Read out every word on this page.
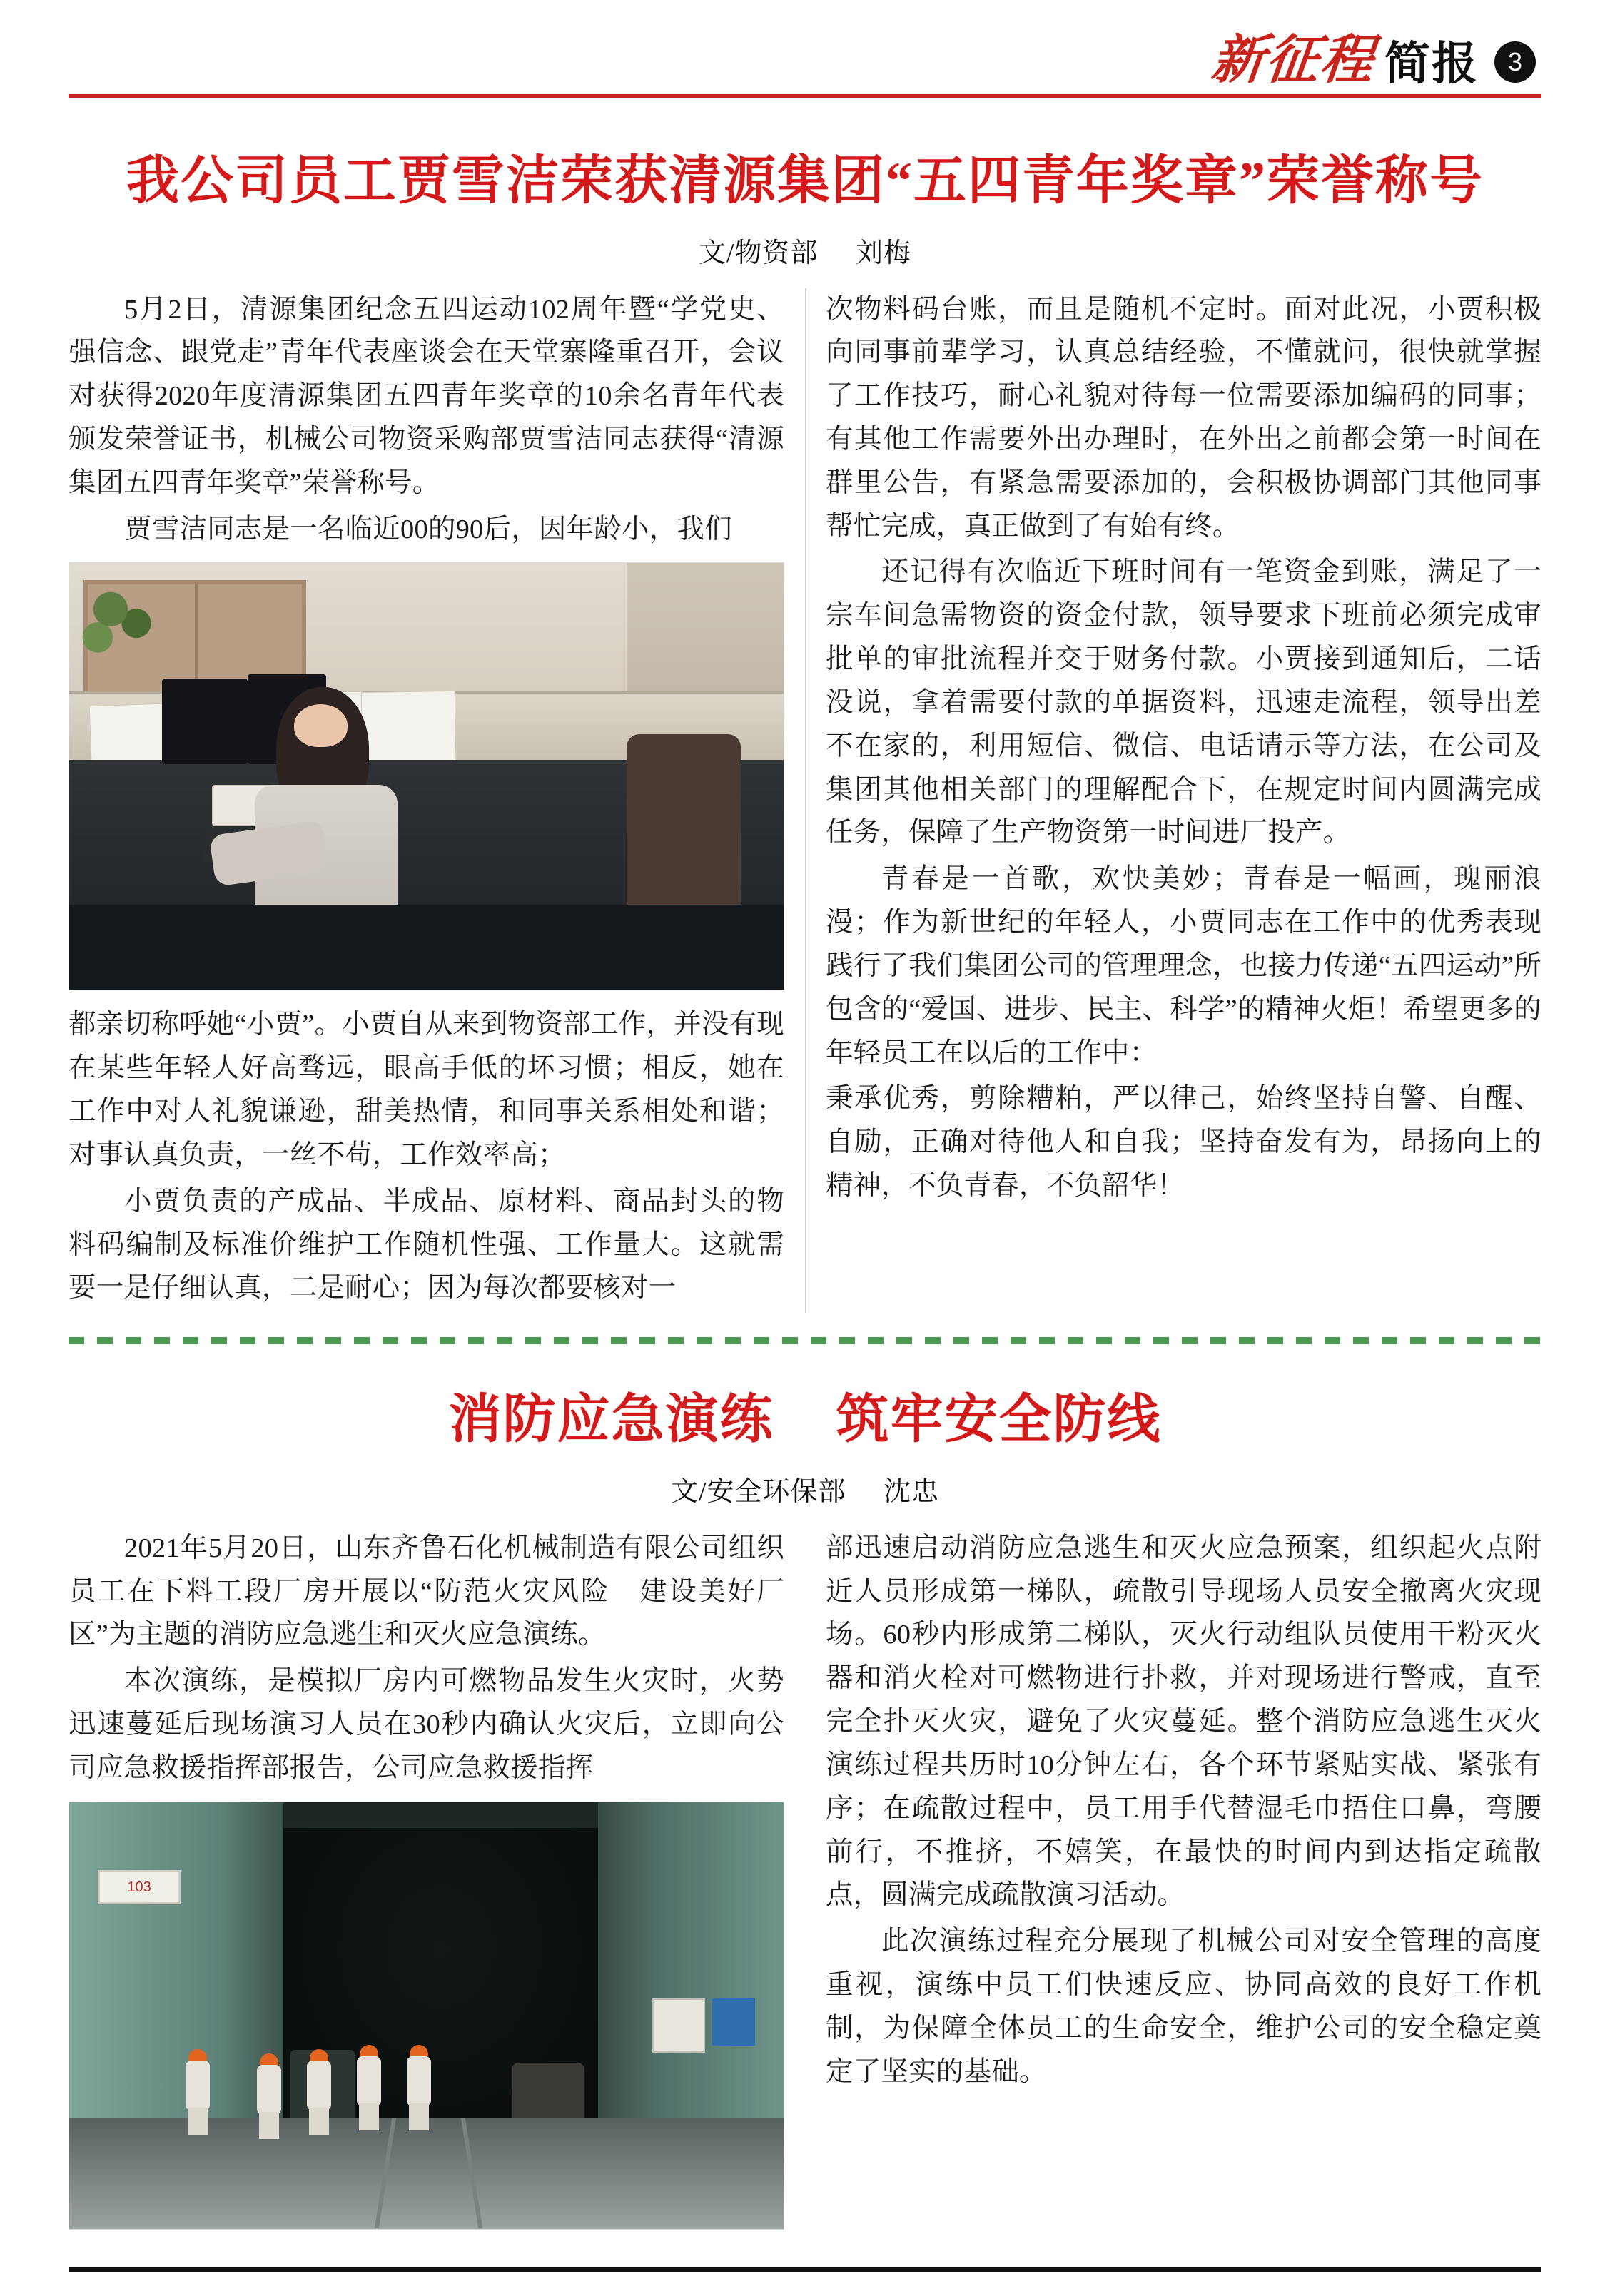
新征程 简报	3
我公司员工贾雪洁荣获清源集团“五四青年奖章”荣誉称号
文/物资部 刘梅

5月2日，清源集团纪念五四运动102周年暨“学党史、强信念、跟党走”青年代表座谈会在天堂寨隆重召开，会议对获得2020年度清源集团五四青年奖章的10余名青年代表颁发荣誉证书，机械公司物资采购部贾雪洁同志获得“清源集团五四青年奖章”荣誉称号。

贾雪洁同志是一名临近00的90后，因年龄小，我们

都亲切称呼她“小贾”。小贾自从来到物资部工作，并没有现在某些年轻人好高骛远，眼高手低的坏习惯；相反，她在工作中对人礼貌谦逊，甜美热情，和同事关系相处和谐；对事认真负责，一丝不苟，工作效率高；

小贾负责的产成品、半成品、原材料、商品封头的物料码编制及标准价维护工作随机性强、工作量大。这就需要一是仔细认真，二是耐心；因为每次都要核对一

次物料码台账，而且是随机不定时。面对此况，小贾积极向同事前辈学习，认真总结经验，不懂就问，很快就掌握了工作技巧，耐心礼貌对待每一位需要添加编码的同事；有其他工作需要外出办理时，在外出之前都会第一时间在群里公告，有紧急需要添加的，会积极协调部门其他同事帮忙完成，真正做到了有始有终。

还记得有次临近下班时间有一笔资金到账，满足了一宗车间急需物资的资金付款，领导要求下班前必须完成审批单的审批流程并交于财务付款。小贾接到通知后，二话没说，拿着需要付款的单据资料，迅速走流程，领导出差不在家的，利用短信、微信、电话请示等方法，在公司及集团其他相关部门的理解配合下，在规定时间内圆满完成任务，保障了生产物资第一时间进厂投产。

青春是一首歌，欢快美妙；青春是一幅画，瑰丽浪漫；作为新世纪的年轻人，小贾同志在工作中的优秀表现践行了我们集团公司的管理理念，也接力传递“五四运动”所包含的“爱国、进步、民主、科学”的精神火炬！希望更多的年轻员工在以后的工作中：

秉承优秀，剪除糟粕，严以律己，始终坚持自警、自醒、自励，正确对待他人和自我；坚持奋发有为，昂扬向上的精神，不负青春，不负韶华！

消防应急演练 筑牢安全防线
文/安全环保部 沈忠

2021年5月20日，山东齐鲁石化机械制造有限公司组织员工在下料工段厂房开展以“防范火灾风险　建设美好厂区”为主题的消防应急逃生和灭火应急演练。

本次演练，是模拟厂房内可燃物品发生火灾时，火势迅速蔓延后现场演习人员在30秒内确认火灾后，立即向公司应急救援指挥部报告，公司应急救援指挥

103

部迅速启动消防应急逃生和灭火应急预案，组织起火点附近人员形成第一梯队，疏散引导现场人员安全撤离火灾现场。60秒内形成第二梯队，灭火行动组队员使用干粉灭火器和消火栓对可燃物进行扑救，并对现场进行警戒，直至完全扑灭火灾，避免了火灾蔓延。整个消防应急逃生灭火演练过程共历时10分钟左右，各个环节紧贴实战、紧张有序；在疏散过程中，员工用手代替湿毛巾捂住口鼻，弯腰前行，不推挤，不嬉笑，在最快的时间内到达指定疏散点，圆满完成疏散演习活动。

此次演练过程充分展现了机械公司对安全管理的高度重视，演练中员工们快速反应、协同高效的良好工作机制，为保障全体员工的生命安全，维护公司的安全稳定奠定了坚实的基础。
